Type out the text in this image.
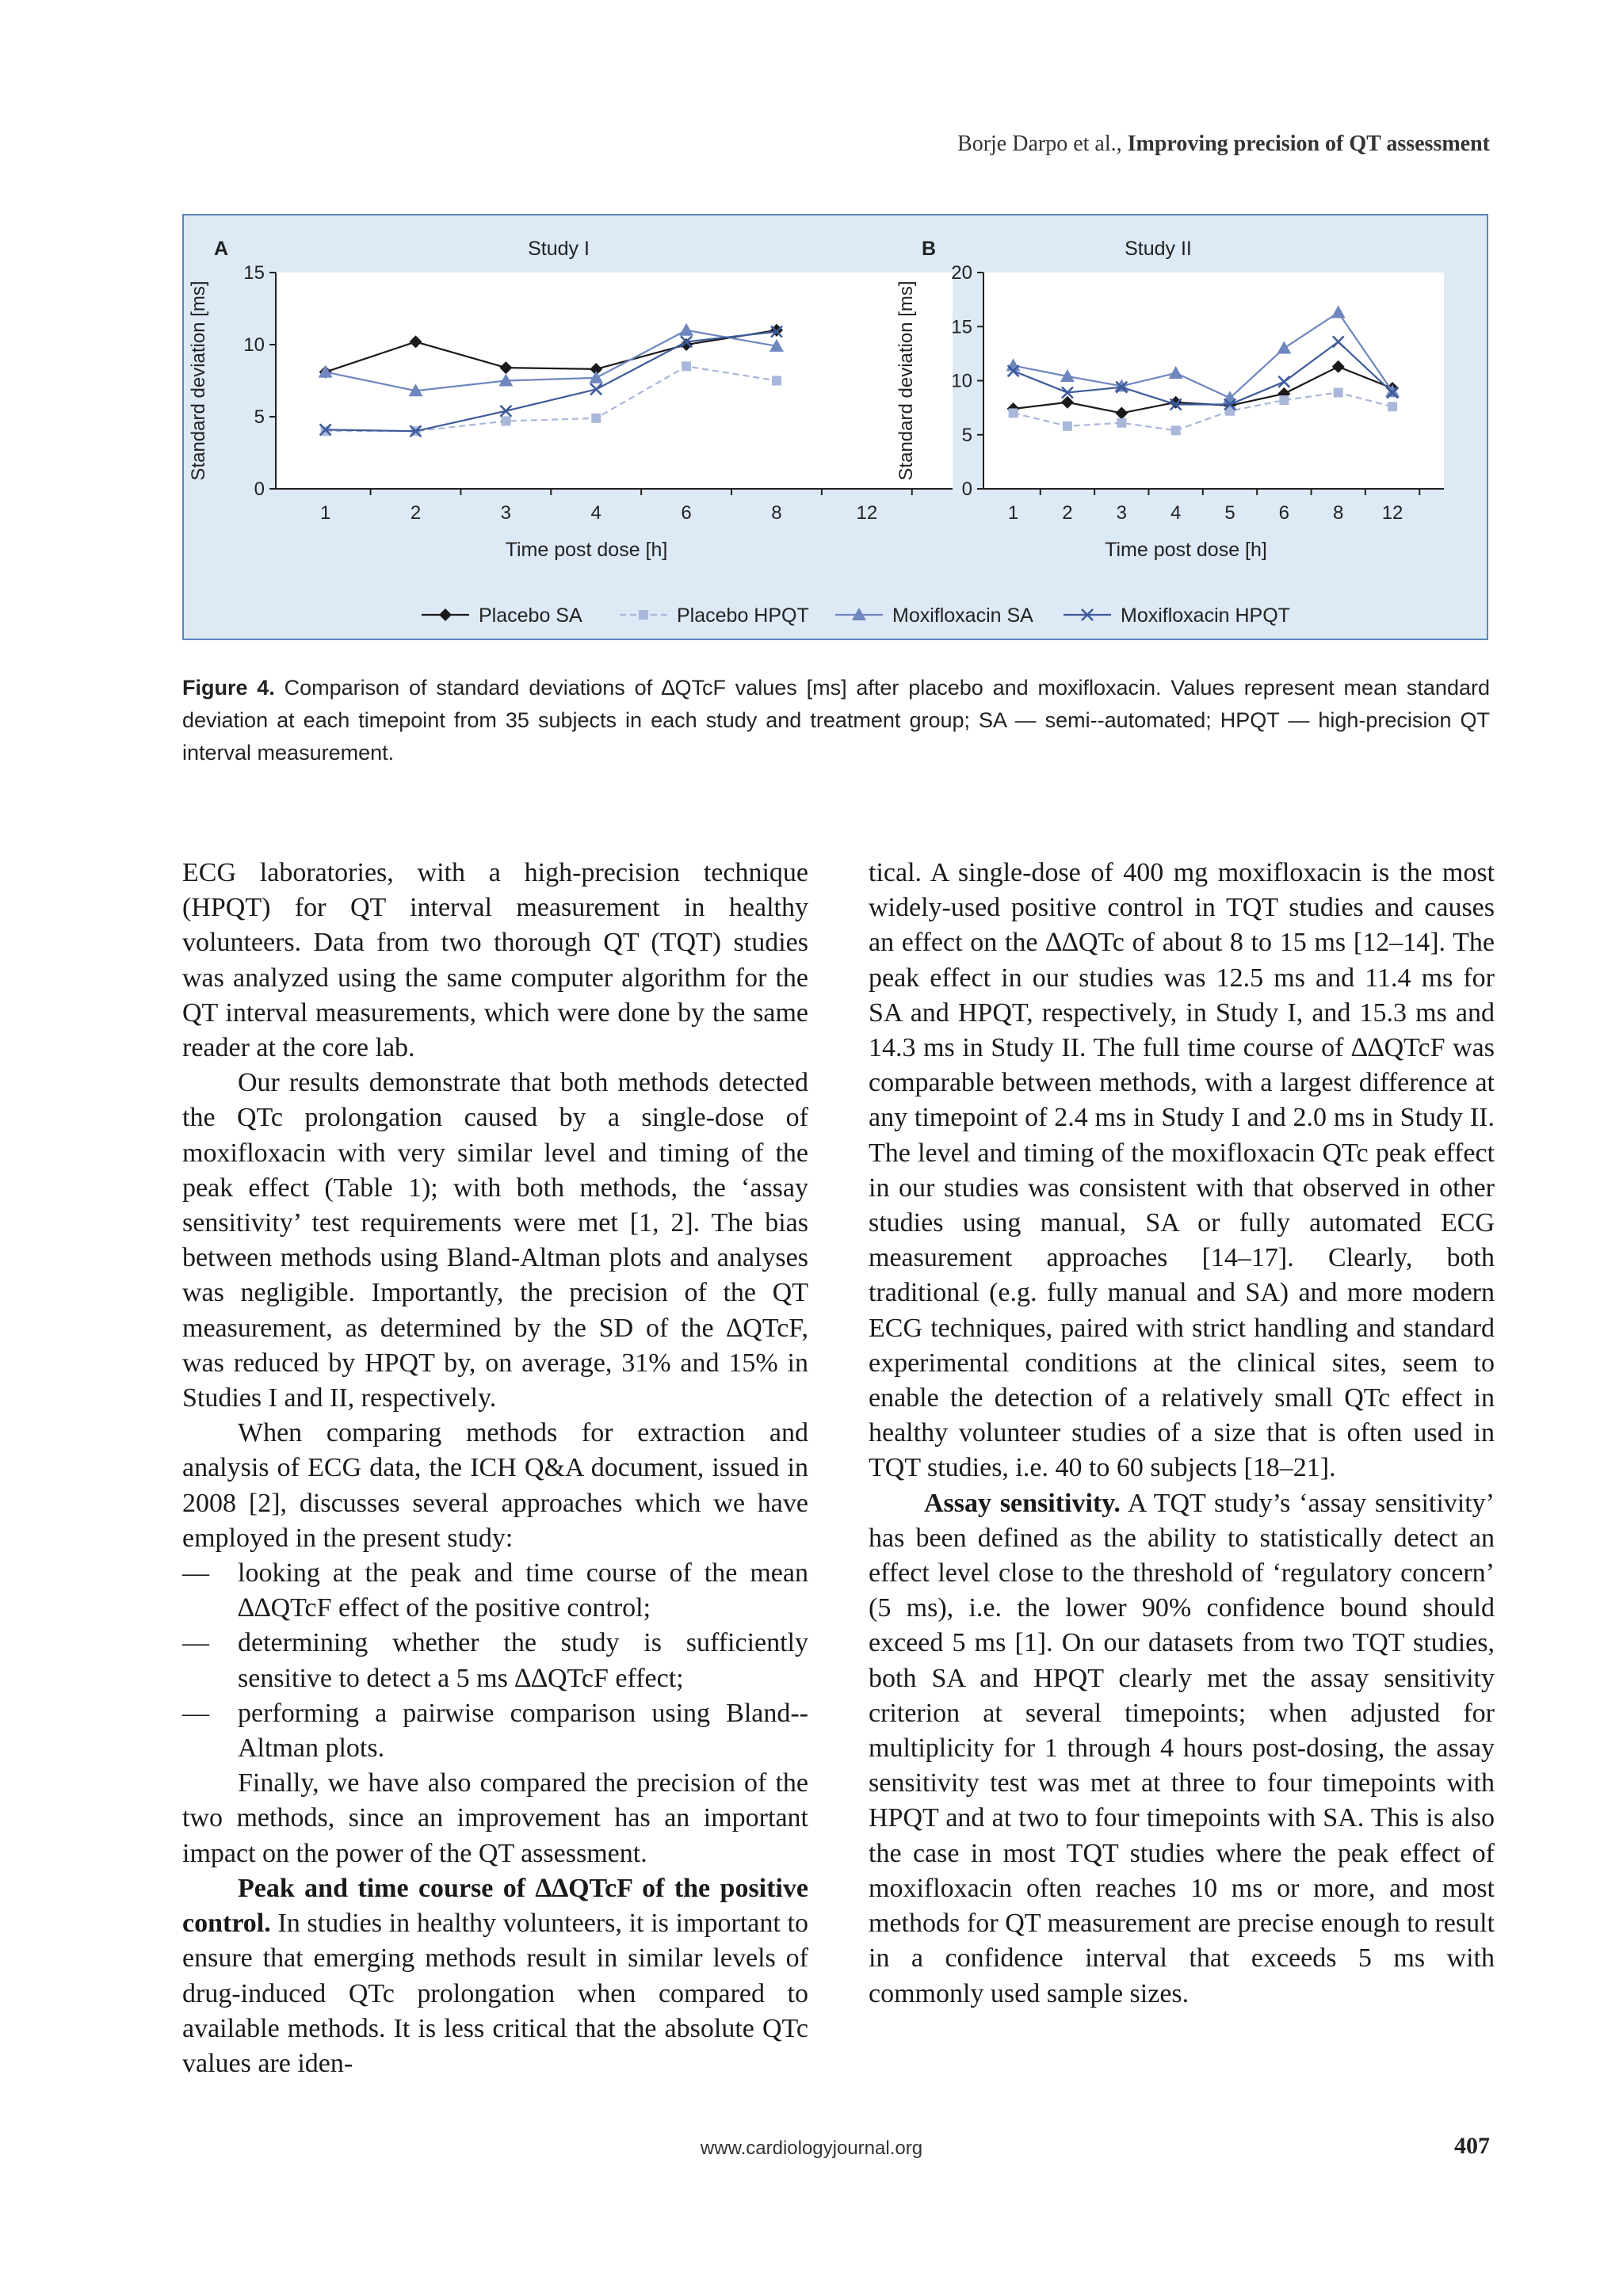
Borje Darpo et al., Improving precision of QT assessment
A	Study I
Standard deviation [ms]
Time post dose [h]
0
5
10
15
1	2	3	4	6	8	12
B	Study II
Standard deviation [ms]
Time post dose [h]
0
5
10
15
20
1 2 3 4 5 6 8 12
Placebo SA	Placebo HPQT	Moxifloxacin SA	Moxifloxacin HPQT
Figure 4. Comparison of standard deviations of ∆QTcF values [ms] after placebo and moxifloxacin. Values represent mean standard deviation at each timepoint from 35 subjects in each study and treatment group; SA — semi--automated; HPQT — high-precision QT interval measurement.

ECG laboratories, with a high-precision technique (HPQT) for QT interval measurement in healthy volunteers. Data from two thorough QT (TQT) studies was analyzed using the same computer algorithm for the QT interval measurements, which were done by the same reader at the core lab.

Our results demonstrate that both methods detected the QTc prolongation caused by a single-dose of moxifloxacin with very similar level and timing of the peak effect (Table 1); with both methods, the ‘assay sensitivity’ test requirements were met [1, 2]. The bias between methods using Bland-Altman plots and analyses was negligible. Importantly, the precision of the QT measurement, as determined by the SD of the ∆QTcF, was reduced by HPQT by, on average, 31% and 15% in Studies I and II, respectively.

When comparing methods for extraction and analysis of ECG data, the ICH Q&A document, issued in 2008 [2], discusses several approaches which we have employed in the present study:

— looking at the peak and time course of the mean ∆∆QTcF effect of the positive control;
— determining whether the study is sufficiently sensitive to detect a 5 ms ∆∆QTcF effect;
— performing a pairwise comparison using Bland--Altman plots.

Finally, we have also compared the precision of the two methods, since an improvement has an important impact on the power of the QT assessment.

Peak and time course of ∆∆QTcF of the positive control. In studies in healthy volunteers, it is important to ensure that emerging methods result in similar levels of drug-induced QTc prolongation when compared to available methods. It is less critical that the absolute QTc values are iden-

tical. A single-dose of 400 mg moxifloxacin is the most widely-used positive control in TQT studies and causes an effect on the ∆∆QTc of about 8 to 15 ms [12–14]. The peak effect in our studies was 12.5 ms and 11.4 ms for SA and HPQT, respectively, in Study I, and 15.3 ms and 14.3 ms in Study II. The full time course of ∆∆QTcF was comparable between methods, with a largest difference at any timepoint of 2.4 ms in Study I and 2.0 ms in Study II. The level and timing of the moxifloxacin QTc peak effect in our studies was consistent with that observed in other studies using manual, SA or fully automated ECG measurement approaches [14–17]. Clearly, both traditional (e.g. fully manual and SA) and more modern ECG techniques, paired with strict handling and standard experimental conditions at the clinical sites, seem to enable the detection of a relatively small QTc effect in healthy volunteer studies of a size that is often used in TQT studies, i.e. 40 to 60 subjects [18–21].

Assay sensitivity. A TQT study’s ‘assay sensitivity’ has been defined as the ability to statistically detect an effect level close to the threshold of ‘regulatory concern’ (5 ms), i.e. the lower 90% confidence bound should exceed 5 ms [1]. On our datasets from two TQT studies, both SA and HPQT clearly met the assay sensitivity criterion at several timepoints; when adjusted for multiplicity for 1 through 4 hours post-dosing, the assay sensitivity test was met at three to four timepoints with HPQT and at two to four timepoints with SA. This is also the case in most TQT studies where the peak effect of moxifloxacin often reaches 10 ms or more, and most methods for QT measurement are precise enough to result in a confidence interval that exceeds 5 ms with commonly used sample sizes.

www.cardiologyjournal.org	407
